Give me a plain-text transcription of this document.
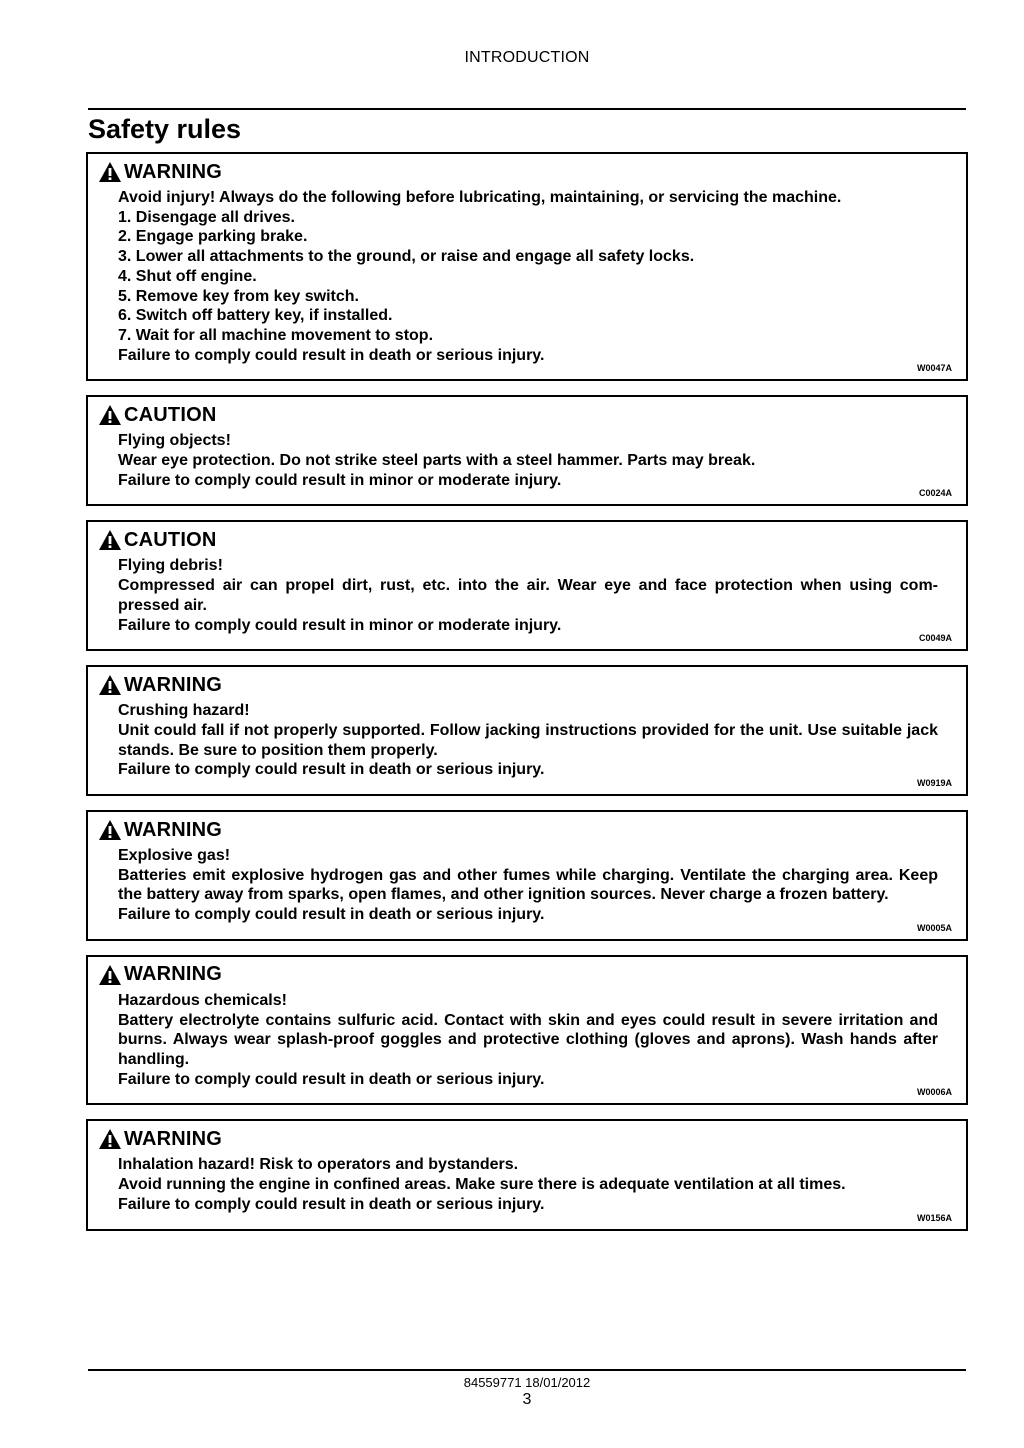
INTRODUCTION
Safety rules
WARNING

Avoid injury! Always do the following before lubricating, maintaining, or servicing the machine.

1. Disengage all drives.

2. Engage parking brake.

3. Lower all attachments to the ground, or raise and engage all safety locks.

4. Shut off engine.

5. Remove key from key switch.

6. Switch off battery key, if installed.

7. Wait for all machine movement to stop.

Failure to comply could result in death or serious injury.

W0047A
CAUTION

Flying objects!

Wear eye protection. Do not strike steel parts with a steel hammer. Parts may break.

Failure to comply could result in minor or moderate injury.

C0024A
CAUTION

Flying debris!

Compressed air can propel dirt, rust, etc. into the air. Wear eye and face protection when using com- pressed air.

Failure to comply could result in minor or moderate injury.

C0049A
WARNING

Crushing hazard!

Unit could fall if not properly supported. Follow jacking instructions provided for the unit. Use suitable jack stands. Be sure to position them properly.

Failure to comply could result in death or serious injury.

W0919A
WARNING

Explosive gas!

Batteries emit explosive hydrogen gas and other fumes while charging. Ventilate the charging area. Keep the battery away from sparks, open flames, and other ignition sources. Never charge a frozen battery.

Failure to comply could result in death or serious injury.

W0005A
WARNING

Hazardous chemicals!

Battery electrolyte contains sulfuric acid. Contact with skin and eyes could result in severe irritation and burns. Always wear splash-proof goggles and protective clothing (gloves and aprons). Wash hands after handling.

Failure to comply could result in death or serious injury.

W0006A
WARNING

Inhalation hazard! Risk to operators and bystanders.

Avoid running the engine in confined areas. Make sure there is adequate ventilation at all times.

Failure to comply could result in death or serious injury.

W0156A
84559771 18/01/2012
3
